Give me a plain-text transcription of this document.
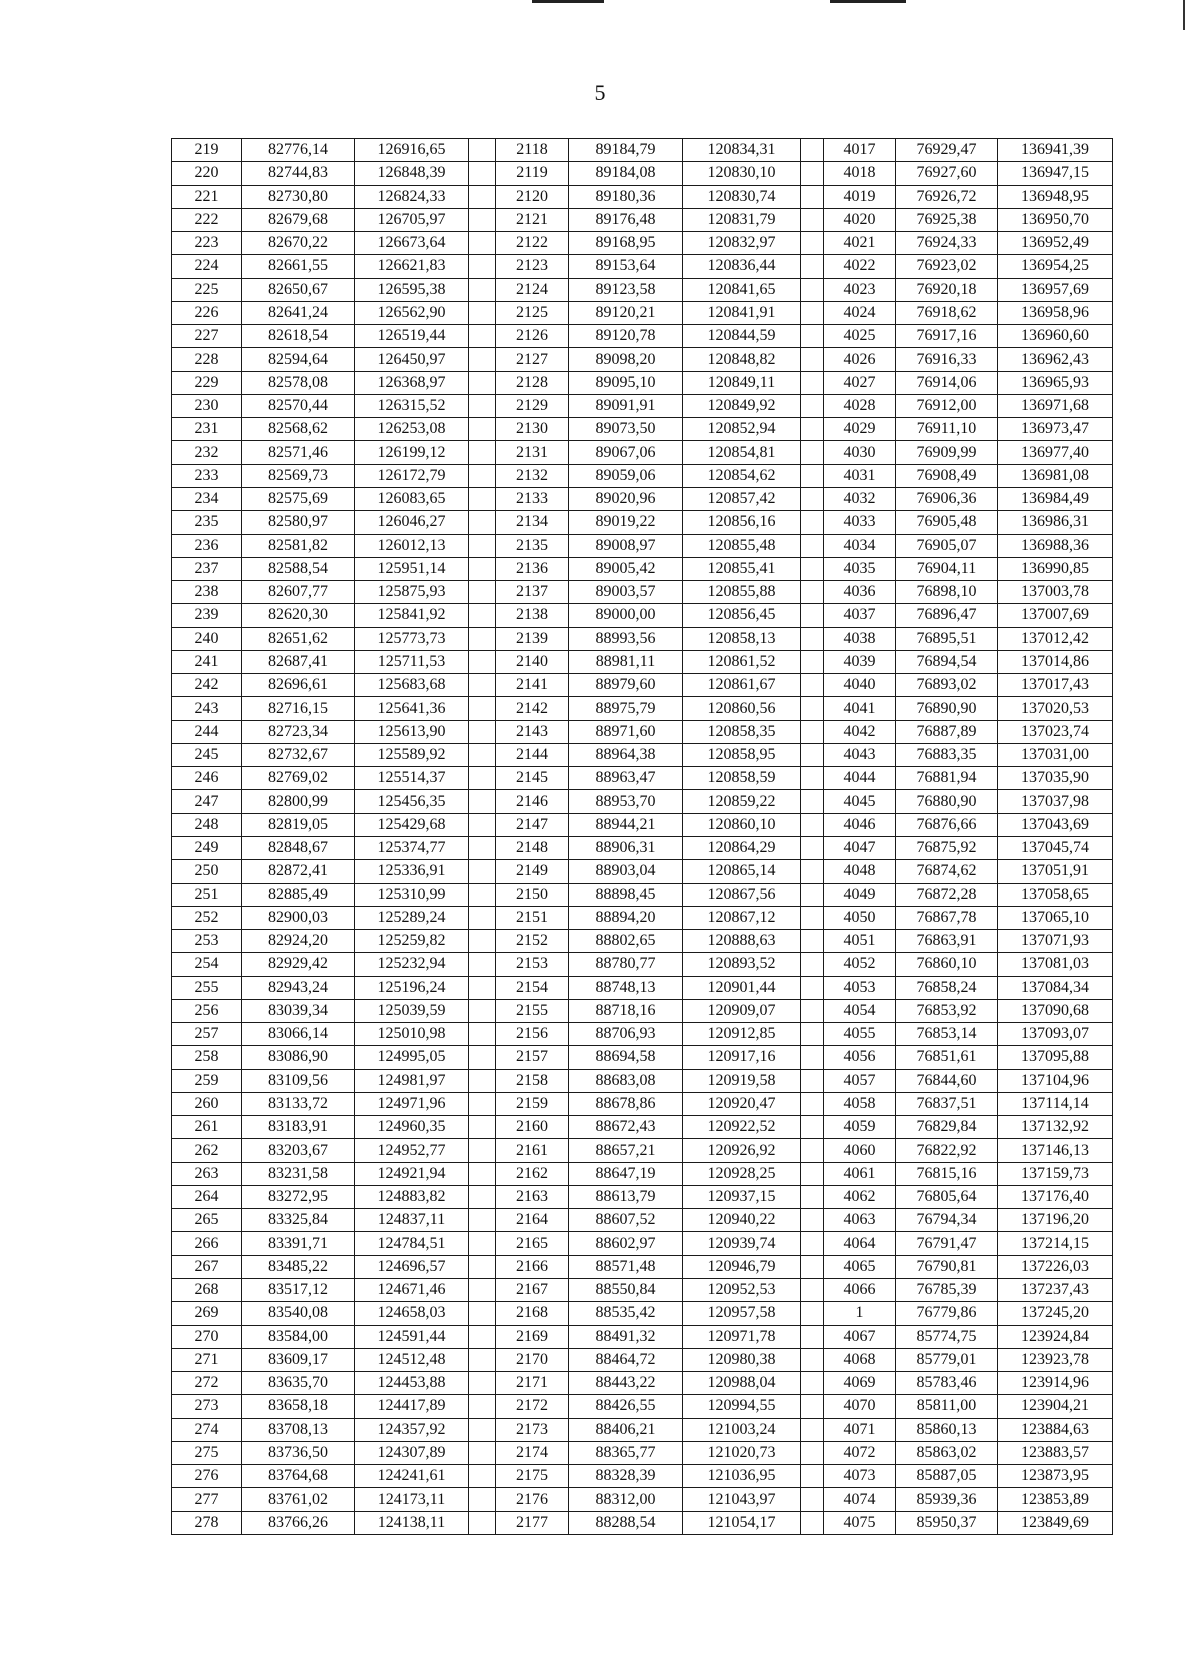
5
219	82776,14	126916,65		2118	89184,79	120834,31		4017	76929,47	136941,39
220	82744,83	126848,39		2119	89184,08	120830,10		4018	76927,60	136947,15
221	82730,80	126824,33		2120	89180,36	120830,74		4019	76926,72	136948,95
222	82679,68	126705,97		2121	89176,48	120831,79		4020	76925,38	136950,70
223	82670,22	126673,64		2122	89168,95	120832,97		4021	76924,33	136952,49
224	82661,55	126621,83		2123	89153,64	120836,44		4022	76923,02	136954,25
225	82650,67	126595,38		2124	89123,58	120841,65		4023	76920,18	136957,69
226	82641,24	126562,90		2125	89120,21	120841,91		4024	76918,62	136958,96
227	82618,54	126519,44		2126	89120,78	120844,59		4025	76917,16	136960,60
228	82594,64	126450,97		2127	89098,20	120848,82		4026	76916,33	136962,43
229	82578,08	126368,97		2128	89095,10	120849,11		4027	76914,06	136965,93
230	82570,44	126315,52		2129	89091,91	120849,92		4028	76912,00	136971,68
231	82568,62	126253,08		2130	89073,50	120852,94		4029	76911,10	136973,47
232	82571,46	126199,12		2131	89067,06	120854,81		4030	76909,99	136977,40
233	82569,73	126172,79		2132	89059,06	120854,62		4031	76908,49	136981,08
234	82575,69	126083,65		2133	89020,96	120857,42		4032	76906,36	136984,49
235	82580,97	126046,27		2134	89019,22	120856,16		4033	76905,48	136986,31
236	82581,82	126012,13		2135	89008,97	120855,48		4034	76905,07	136988,36
237	82588,54	125951,14		2136	89005,42	120855,41		4035	76904,11	136990,85
238	82607,77	125875,93		2137	89003,57	120855,88		4036	76898,10	137003,78
239	82620,30	125841,92		2138	89000,00	120856,45		4037	76896,47	137007,69
240	82651,62	125773,73		2139	88993,56	120858,13		4038	76895,51	137012,42
241	82687,41	125711,53		2140	88981,11	120861,52		4039	76894,54	137014,86
242	82696,61	125683,68		2141	88979,60	120861,67		4040	76893,02	137017,43
243	82716,15	125641,36		2142	88975,79	120860,56		4041	76890,90	137020,53
244	82723,34	125613,90		2143	88971,60	120858,35		4042	76887,89	137023,74
245	82732,67	125589,92		2144	88964,38	120858,95		4043	76883,35	137031,00
246	82769,02	125514,37		2145	88963,47	120858,59		4044	76881,94	137035,90
247	82800,99	125456,35		2146	88953,70	120859,22		4045	76880,90	137037,98
248	82819,05	125429,68		2147	88944,21	120860,10		4046	76876,66	137043,69
249	82848,67	125374,77		2148	88906,31	120864,29		4047	76875,92	137045,74
250	82872,41	125336,91		2149	88903,04	120865,14		4048	76874,62	137051,91
251	82885,49	125310,99		2150	88898,45	120867,56		4049	76872,28	137058,65
252	82900,03	125289,24		2151	88894,20	120867,12		4050	76867,78	137065,10
253	82924,20	125259,82		2152	88802,65	120888,63		4051	76863,91	137071,93
254	82929,42	125232,94		2153	88780,77	120893,52		4052	76860,10	137081,03
255	82943,24	125196,24		2154	88748,13	120901,44		4053	76858,24	137084,34
256	83039,34	125039,59		2155	88718,16	120909,07		4054	76853,92	137090,68
257	83066,14	125010,98		2156	88706,93	120912,85		4055	76853,14	137093,07
258	83086,90	124995,05		2157	88694,58	120917,16		4056	76851,61	137095,88
259	83109,56	124981,97		2158	88683,08	120919,58		4057	76844,60	137104,96
260	83133,72	124971,96		2159	88678,86	120920,47		4058	76837,51	137114,14
261	83183,91	124960,35		2160	88672,43	120922,52		4059	76829,84	137132,92
262	83203,67	124952,77		2161	88657,21	120926,92		4060	76822,92	137146,13
263	83231,58	124921,94		2162	88647,19	120928,25		4061	76815,16	137159,73
264	83272,95	124883,82		2163	88613,79	120937,15		4062	76805,64	137176,40
265	83325,84	124837,11		2164	88607,52	120940,22		4063	76794,34	137196,20
266	83391,71	124784,51		2165	88602,97	120939,74		4064	76791,47	137214,15
267	83485,22	124696,57		2166	88571,48	120946,79		4065	76790,81	137226,03
268	83517,12	124671,46		2167	88550,84	120952,53		4066	76785,39	137237,43
269	83540,08	124658,03		2168	88535,42	120957,58		1	76779,86	137245,20
270	83584,00	124591,44		2169	88491,32	120971,78		4067	85774,75	123924,84
271	83609,17	124512,48		2170	88464,72	120980,38		4068	85779,01	123923,78
272	83635,70	124453,88		2171	88443,22	120988,04		4069	85783,46	123914,96
273	83658,18	124417,89		2172	88426,55	120994,55		4070	85811,00	123904,21
274	83708,13	124357,92		2173	88406,21	121003,24		4071	85860,13	123884,63
275	83736,50	124307,89		2174	88365,77	121020,73		4072	85863,02	123883,57
276	83764,68	124241,61		2175	88328,39	121036,95		4073	85887,05	123873,95
277	83761,02	124173,11		2176	88312,00	121043,97		4074	85939,36	123853,89
278	83766,26	124138,11		2177	88288,54	121054,17		4075	85950,37	123849,69
